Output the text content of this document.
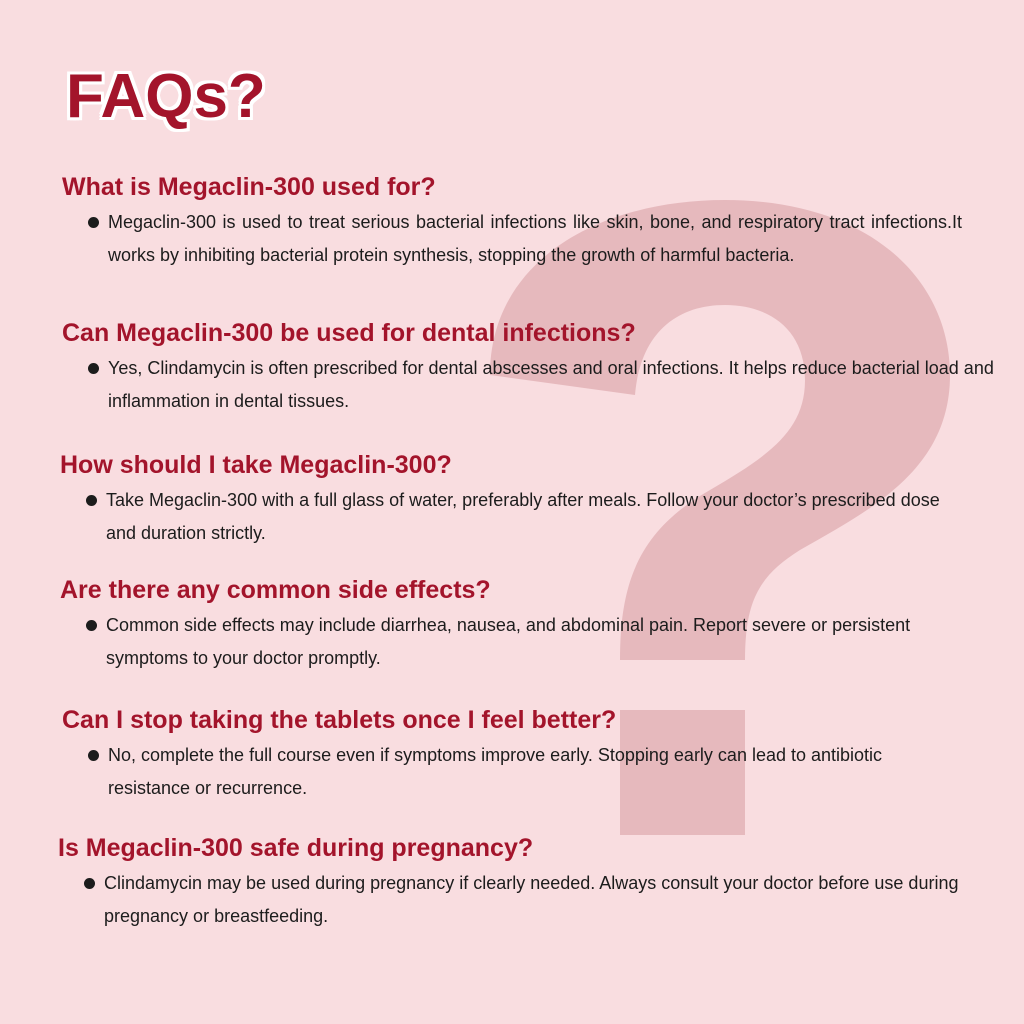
FAQs?
What is Megaclin-300 used for?

Megaclin-300 is used to treat serious bacterial infections like skin, bone, and respiratory tract infections.It works by inhibiting bacterial protein synthesis, stopping the growth of harmful bacteria.

Can Megaclin-300 be used for dental infections?

Yes, Clindamycin is often prescribed for dental abscesses and oral infections. It helps reduce bacterial load and inflammation in dental tissues.

How should I take Megaclin-300?

Take Megaclin-300 with a full glass of water, preferably after meals. Follow your doctor’s prescribed dose and duration strictly.

Are there any common side effects?

Common side effects may include diarrhea, nausea, and abdominal pain. Report severe or persistent symptoms to your doctor promptly.

Can I stop taking the tablets once I feel better?

No, complete the full course even if symptoms improve early. Stopping early can lead to antibiotic resistance or recurrence.

Is Megaclin-300 safe during pregnancy?

Clindamycin may be used during pregnancy if clearly needed. Always consult your doctor before use during pregnancy or breastfeeding.
